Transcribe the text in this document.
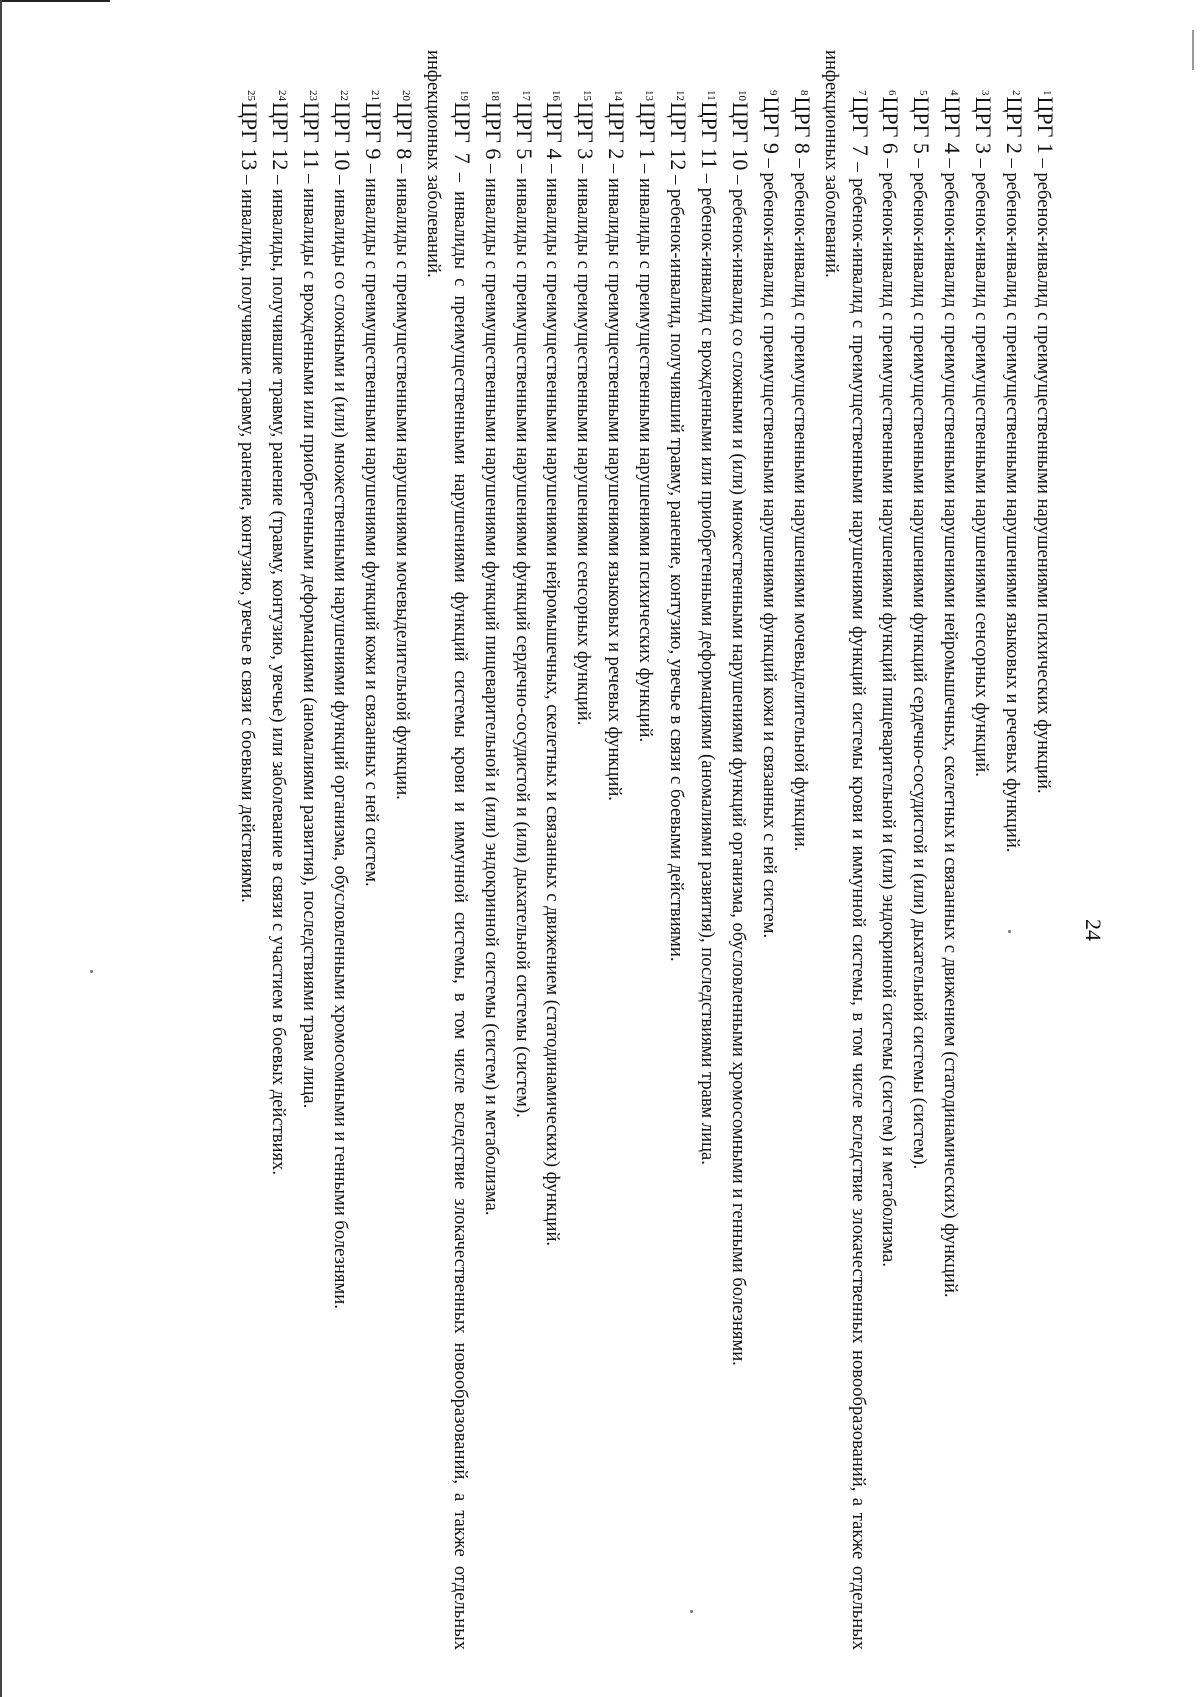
24

$^1$ЦРГ 1 – ребенок-инвалид с преимущественными нарушениями психических функций.

$^2$ЦРГ 2 – ребенок-инвалид с преимущественными нарушениями языковых и речевых функций.

$^3$ЦРГ 3 – ребенок-инвалид с преимущественными нарушениями сенсорных функций.

$^4$ЦРГ 4 – ребенок-инвалид с преимущественными нарушениями нейромышечных, скелетных и связанных с движением (статодинамических) функций.

$^5$ЦРГ 5 – ребенок-инвалид с преимущественными нарушениями функций сердечно-сосудистой и (или) дыхательной системы (систем).

$^6$ЦРГ 6 – ребенок-инвалид с преимущественными нарушениями функций пищеварительной и (или) эндокринной системы (систем) и метаболизма.

$^7$ЦРГ 7 – ребенок-инвалид с преимущественными нарушениями функций системы крови и иммунной системы, в том числе вследствие злокачественных новообразований, а также отдельных инфекционных заболеваний.

$^8$ЦРГ 8 – ребенок-инвалид с преимущественными нарушениями мочевыделительной функции.

$^9$ЦРГ 9 – ребенок-инвалид с преимущественными нарушениями функций кожи и связанных с ней систем.

$^{10}$ЦРГ 10 – ребенок-инвалид со сложными и (или) множественными нарушениями функций организма, обусловленными хромосомными и генными болезнями.

$^{11}$ЦРГ 11 – ребенок-инвалид с врожденными или приобретенными деформациями (аномалиями развития), последствиями травм лица.

$^{12}$ЦРГ 12 – ребенок-инвалид, получивший травму, ранение, контузию, увечье в связи с боевыми действиями.

$^{13}$ЦРГ 1 – инвалиды с преимущественными нарушениями психических функций.

$^{14}$ЦРГ 2 – инвалиды с преимущественными нарушениями языковых и речевых функций.

$^{15}$ЦРГ 3 – инвалиды с преимущественными нарушениями сенсорных функций.

$^{16}$ЦРГ 4 – инвалиды с преимущественными нарушениями нейромышечных, скелетных и связанных с движением (статодинамических) функций.

$^{17}$ЦРГ 5 – инвалиды с преимущественными нарушениями функций сердечно-сосудистой и (или) дыхательной системы (систем).

$^{18}$ЦРГ 6 – инвалиды с преимущественными нарушениями функций пищеварительной и (или) эндокринной системы (систем) и метаболизма.

$^{19}$ЦРГ 7 – инвалиды с преимущественными нарушениями функций системы крови и иммунной системы, в том числе вследствие злокачественных новообразований, а также отдельных инфекционных заболеваний.

$^{20}$ЦРГ 8 – инвалиды с преимущественными нарушениями мочевыделительной функции.

$^{21}$ЦРГ 9 – инвалиды с преимущественными нарушениями функций кожи и связанных с ней систем.

$^{22}$ЦРГ 10 – инвалиды со сложными и (или) множественными нарушениями функций организма, обусловленными хромосомными и генными болезнями.

$^{23}$ЦРГ 11 – инвалиды с врожденными или приобретенными деформациями (аномалиями развития), последствиями травм лица.

$^{24}$ЦРГ 12 – инвалиды, получившие травму, ранение (травму, контузию, увечье) или заболевание в связи с участием в боевых действиях.

$^{25}$ЦРГ 13 – инвалиды, получившие травму, ранение, контузию, увечье в связи с боевыми действиями.
